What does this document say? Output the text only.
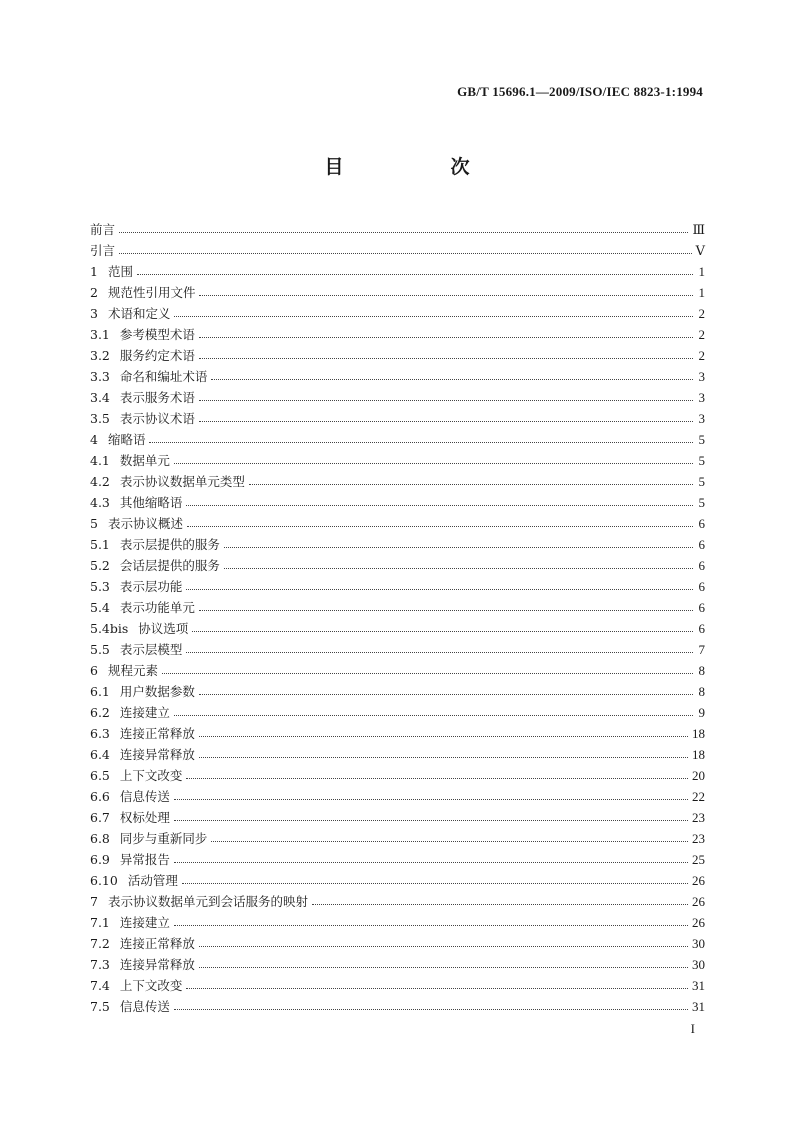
GB/T 15696.1—2009/ISO/IEC 8823-1:1994
目　次
前言	Ⅲ
引言	Ⅴ
1 范围	1
2 规范性引用文件	1
3 术语和定义	2
3.1 参考模型术语	2
3.2 服务约定术语	2
3.3 命名和编址术语	3
3.4 表示服务术语	3
3.5 表示协议术语	3
4 缩略语	5
4.1 数据单元	5
4.2 表示协议数据单元类型	5
4.3 其他缩略语	5
5 表示协议概述	6
5.1 表示层提供的服务	6
5.2 会话层提供的服务	6
5.3 表示层功能	6
5.4 表示功能单元	6
5.4bis 协议选项	6
5.5 表示层模型	7
6 规程元素	8
6.1 用户数据参数	8
6.2 连接建立	9
6.3 连接正常释放	18
6.4 连接异常释放	18
6.5 上下文改变	20
6.6 信息传送	22
6.7 权标处理	23
6.8 同步与重新同步	23
6.9 异常报告	25
6.10 活动管理	26
7 表示协议数据单元到会话服务的映射	26
7.1 连接建立	26
7.2 连接正常释放	30
7.3 连接异常释放	30
7.4 上下文改变	31
7.5 信息传送	31
I
